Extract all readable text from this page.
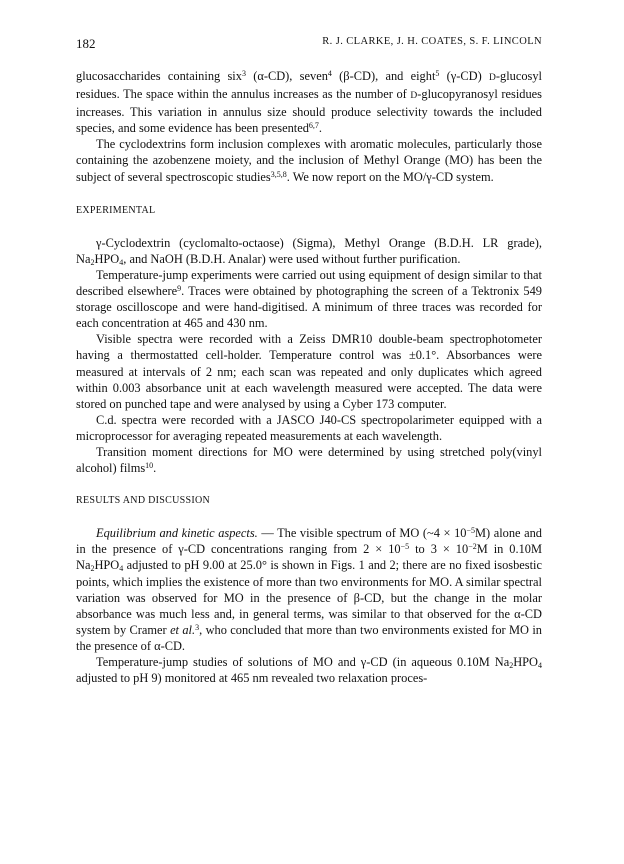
182	R. J. CLARKE, J. H. COATES, S. F. LINCOLN

glucosaccharides containing six$^3$ (α-CD), seven$^4$ (β-CD), and eight$^5$ (γ-CD) D-glucosyl residues. The space within the annulus increases as the number of D-glucopyranosyl residues increases. This variation in annulus size should produce selectivity towards the included species, and some evidence has been presented$^{6,7}$.

The cyclodextrins form inclusion complexes with aromatic molecules, particularly those containing the azobenzene moiety, and the inclusion of Methyl Orange (MO) has been the subject of several spectroscopic studies$^{3,5,8}$. We now report on the MO/γ-CD system.

EXPERIMENTAL

γ-Cyclodextrin (cyclomalto-octaose) (Sigma), Methyl Orange (B.D.H. LR grade), $Na_2HPO_4$, and NaOH (B.D.H. Analar) were used without further purification.

Temperature-jump experiments were carried out using equipment of design similar to that described elsewhere$^9$. Traces were obtained by photographing the screen of a Tektronix 549 storage oscilloscope and were hand-digitised. A minimum of three traces was recorded for each concentration at 465 and 430 nm.

Visible spectra were recorded with a Zeiss DMR10 double-beam spectrophotometer having a thermostatted cell-holder. Temperature control was ±0.1°. Absorbances were measured at intervals of 2 nm; each scan was repeated and only duplicates which agreed within 0.003 absorbance unit at each wavelength measured were accepted. The data were stored on punched tape and were analysed by using a Cyber 173 computer.

C.d. spectra were recorded with a JASCO J40-CS spectropolarimeter equipped with a microprocessor for averaging repeated measurements at each wavelength.

Transition moment directions for MO were determined by using stretched poly(vinyl alcohol) films$^{10}$.

RESULTS AND DISCUSSION

Equilibrium and kinetic aspects. — The visible spectrum of MO (~4 × $10^{-5}M$) alone and in the presence of γ-CD concentrations ranging from $2 \times 10^{-5}$ to $3 \times 10^{-2}M$ in 0.10M $Na_2HPO_4$ adjusted to pH 9.00 at 25.0° is shown in Figs. 1 and 2; there are no fixed isosbestic points, which implies the existence of more than two environments for MO. A similar spectral variation was observed for MO in the presence of β-CD, but the change in the molar absorbance was much less and, in general terms, was similar to that observed for the α-CD system by Cramer et al.$^3$, who concluded that more than two environments existed for MO in the presence of α-CD.

Temperature-jump studies of solutions of MO and γ-CD (in aqueous 0.10M $Na_2HPO_4$ adjusted to pH 9) monitored at 465 nm revealed two relaxation proces-
